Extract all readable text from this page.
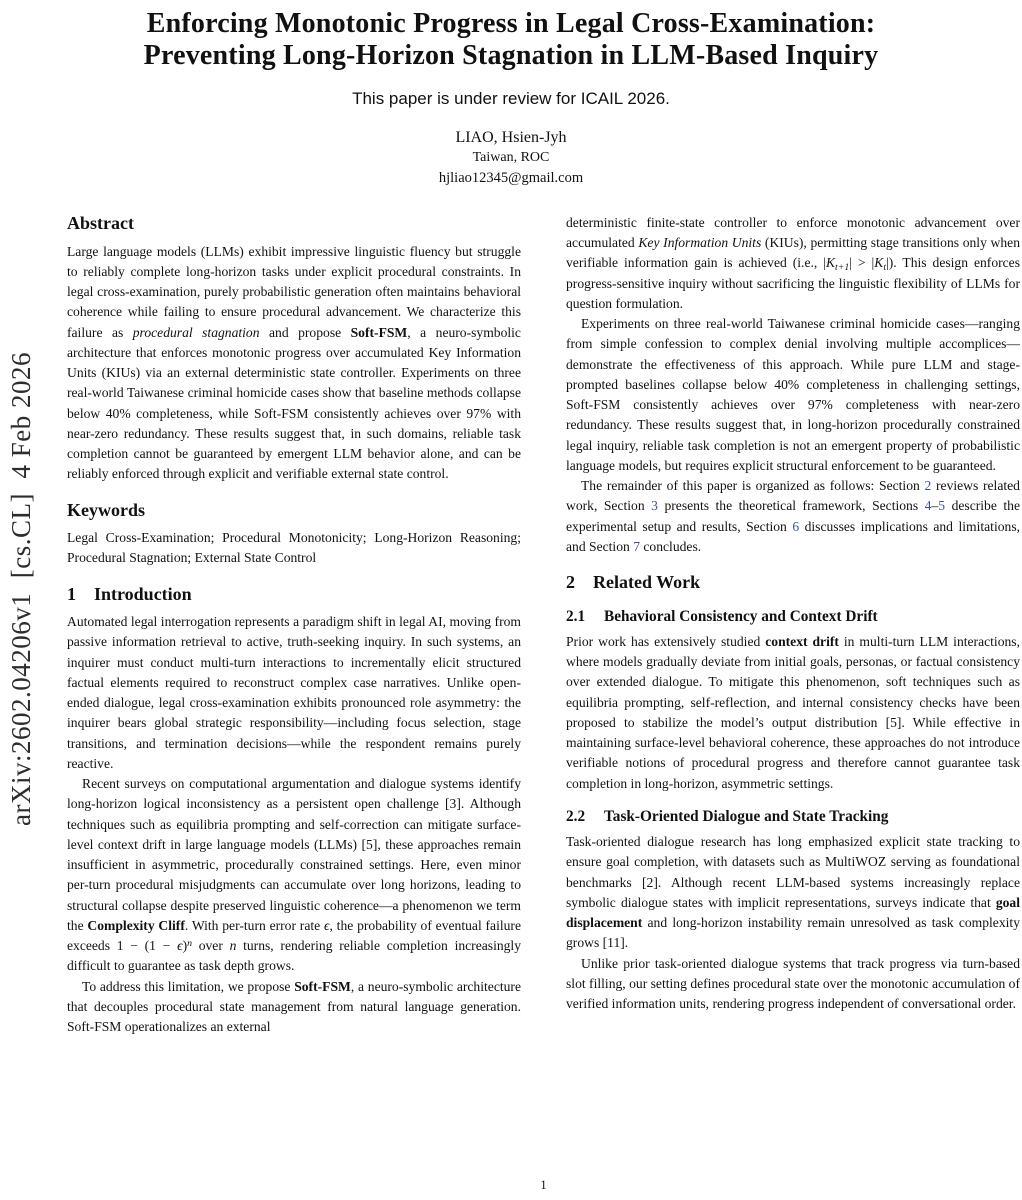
arXiv:2602.04206v1  [cs.CL]  4 Feb 2026
Enforcing Monotonic Progress in Legal Cross-Examination:
Preventing Long-Horizon Stagnation in LLM-Based Inquiry
This paper is under review for ICAIL 2026.
LIAO, Hsien-Jyh
Taiwan, ROC
hjliao12345@gmail.com
Abstract

Large language models (LLMs) exhibit impressive linguistic fluency but struggle to reliably complete long-horizon tasks under explicit procedural constraints. In legal cross-examination, purely probabilistic generation often maintains behavioral coherence while failing to ensure procedural advancement. We characterize this failure as procedural stagnation and propose Soft-FSM, a neuro-symbolic architecture that enforces monotonic progress over accumulated Key Information Units (KIUs) via an external deterministic state controller. Experiments on three real-world Taiwanese criminal homicide cases show that baseline methods collapse below 40% completeness, while Soft-FSM consistently achieves over 97% with near-zero redundancy. These results suggest that, in such domains, reliable task completion cannot be guaranteed by emergent LLM behavior alone, and can be reliably enforced through explicit and verifiable external state control.

Keywords

Legal Cross-Examination; Procedural Monotonicity; Long-Horizon Reasoning; Procedural Stagnation; External State Control

1 Introduction

Automated legal interrogation represents a paradigm shift in legal AI, moving from passive information retrieval to active, truth-seeking inquiry. In such systems, an inquirer must conduct multi-turn interactions to incrementally elicit structured factual elements required to reconstruct complex case narratives. Unlike open-ended dialogue, legal cross-examination exhibits pronounced role asymmetry: the inquirer bears global strategic responsibility—including focus selection, stage transitions, and termination decisions—while the respondent remains purely reactive.

Recent surveys on computational argumentation and dialogue systems identify long-horizon logical inconsistency as a persistent open challenge [3]. Although techniques such as equilibria prompting and self-correction can mitigate surface-level context drift in large language models (LLMs) [5], these approaches remain insufficient in asymmetric, procedurally constrained settings. Here, even minor per-turn procedural misjudgments can accumulate over long horizons, leading to structural collapse despite preserved linguistic coherence—a phenomenon we term the Complexity Cliff. With per-turn error rate ϵ, the probability of eventual failure exceeds $1 - (1 - \epsilon)^n$ over n turns, rendering reliable completion increasingly difficult to guarantee as task depth grows.

To address this limitation, we propose Soft-FSM, a neuro-symbolic architecture that decouples procedural state management from natural language generation. Soft-FSM operationalizes an external

deterministic finite-state controller to enforce monotonic advancement over accumulated Key Information Units (KIUs), permitting stage transitions only when verifiable information gain is achieved (i.e., |Kt+1| > |Kt|). This design enforces progress-sensitive inquiry without sacrificing the linguistic flexibility of LLMs for question formulation.

Experiments on three real-world Taiwanese criminal homicide cases—ranging from simple confession to complex denial involving multiple accomplices—demonstrate the effectiveness of this approach. While pure LLM and stage-prompted baselines collapse below 40% completeness in challenging settings, Soft-FSM consistently achieves over 97% completeness with near-zero redundancy. These results suggest that, in long-horizon procedurally constrained legal inquiry, reliable task completion is not an emergent property of probabilistic language models, but requires explicit structural enforcement to be guaranteed.

The remainder of this paper is organized as follows: Section 2 reviews related work, Section 3 presents the theoretical framework, Sections 4–5 describe the experimental setup and results, Section 6 discusses implications and limitations, and Section 7 concludes.

2 Related Work
2.1 Behavioral Consistency and Context Drift

Prior work has extensively studied context drift in multi-turn LLM interactions, where models gradually deviate from initial goals, personas, or factual consistency over extended dialogue. To mitigate this phenomenon, soft techniques such as equilibria prompting, self-reflection, and internal consistency checks have been proposed to stabilize the model’s output distribution [5]. While effective in maintaining surface-level behavioral coherence, these approaches do not introduce verifiable notions of procedural progress and therefore cannot guarantee task completion in long-horizon, asymmetric settings.

2.2 Task-Oriented Dialogue and State Tracking

Task-oriented dialogue research has long emphasized explicit state tracking to ensure goal completion, with datasets such as MultiWOZ serving as foundational benchmarks [2]. Although recent LLM-based systems increasingly replace symbolic dialogue states with implicit representations, surveys indicate that goal displacement and long-horizon instability remain unresolved as task complexity grows [11].

Unlike prior task-oriented dialogue systems that track progress via turn-based slot filling, our setting defines procedural state over the monotonic accumulation of verified information units, rendering progress independent of conversational order.

1
